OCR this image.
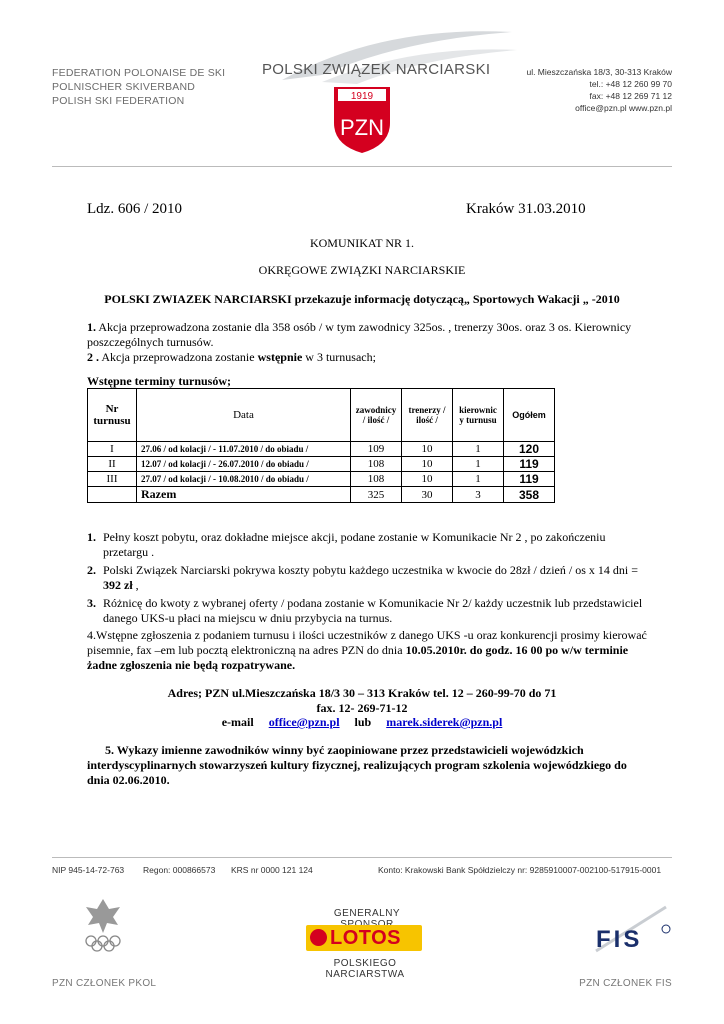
FEDERATION POLONAISE DE SKI
POLNISCHER SKIVERBAND
POLISH SKI FEDERATION
POLSKI ZWIĄZEK NARCIARSKI
1919
PZN
ul. Mieszczańska 18/3, 30-313 Kraków
tel.: +48 12 260 99 70
fax: +48 12 269 71 12
office@pzn.pl www.pzn.pl
Ldz. 606 / 2010	Kraków 31.03.2010
KOMUNIKAT NR 1.
OKRĘGOWE ZWIĄZKI NARCIARSKIE
POLSKI ZWIAZEK NARCIARSKI przekazuje informację dotyczącą„ Sportowych Wakacji „ -2010
1. Akcja przeprowadzona zostanie dla 358 osób / w tym zawodnicy 325os. , trenerzy 30os. oraz 3 os. Kierownicy poszczególnych turnusów.
2 . Akcja przeprowadzona zostanie wstępnie w 3 turnusach;
Wstępne terminy turnusów;
Nr turnusu	Data	zawodnicy / ilość /	trenerzy / ilość /	kierownic y turnusu	Ogółem
I	27.06 / od kolacji / - 11.07.2010 / do obiadu /	109	10	1	120
II	12.07 / od kolacji / - 26.07.2010 / do obiadu /	108	10	1	119
III	27.07 / od kolacji / - 10.08.2010 / do obiadu /	108	10	1	119
	Razem	325	30	3	358
1. Pełny koszt pobytu, oraz dokładne miejsce akcji, podane zostanie w Komunikacie Nr 2 , po zakończeniu przetargu .
2. Polski Związek Narciarski pokrywa koszty pobytu każdego uczestnika w kwocie do 28zł / dzień / os x 14 dni = 392 zł ,
3. Różnicę do kwoty z wybranej oferty / podana zostanie w Komunikacie Nr 2/ każdy uczestnik lub przedstawiciel danego UKS-u płaci na miejscu w dniu przybycia na turnus.
4.Wstępne zgłoszenia z podaniem turnusu i ilości uczestników z danego UKS -u oraz konkurencji prosimy kierować pisemnie, fax –em lub pocztą elektroniczną na adres PZN do dnia 10.05.2010r. do godz. 16 00 po w/w terminie żadne zgłoszenia nie będą rozpatrywane.
Adres; PZN ul.Mieszczańska 18/3 30 – 313 Kraków tel. 12 – 260-99-70 do 71
fax. 12- 269-71-12
e-mail office@pzn.pl lub marek.siderek@pzn.pl
5. Wykazy imienne zawodników winny być zaopiniowane przez przedstawicieli wojewódzkich interdyscyplinarnych stowarzyszeń kultury fizycznej, realizujących program szkolenia wojewódzkiego do dnia 02.06.2010.
NIP 945-14-72-763 Regon: 000866573 KRS nr 0000 121 124	Konto: Krakowski Bank Spółdzielczy nr: 9285910007-002100-517915-0001
GENERALNY
LOTOS
POLSKIEGO NARCIARSTWA
FIS
PZN CZŁONEK PKOL	PZN CZŁONEK FIS
